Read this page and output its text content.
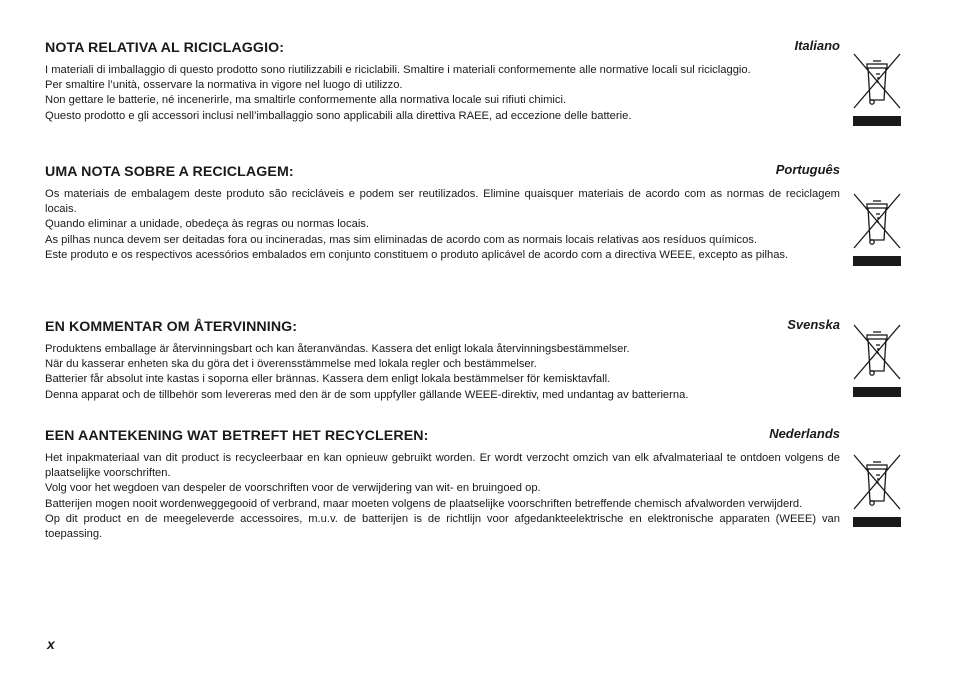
NOTA RELATIVA AL RICICLAGGIO:	Italiano

I materiali di imballaggio di questo prodotto sono riutilizzabili e riciclabili. Smaltire i materiali conformemente alle normative locali sul riciclaggio.

Per smaltire l’unità, osservare la normativa in vigore nel luogo di utilizzo.

Non gettare le batterie, né incenerirle, ma smaltirle conformemente alla normativa locale sui rifiuti chimici.

Questo prodotto e gli accessori inclusi nell’imballaggio sono applicabili alla direttiva RAEE, ad eccezione delle batterie.

UMA NOTA SOBRE A RECICLAGEM:	Português

Os materiais de embalagem deste produto são recicláveis e podem ser reutilizados. Elimine quaisquer materiais de acordo com as normas de reciclagem locais.

Quando eliminar a unidade, obedeça às regras ou normas locais.

As pilhas nunca devem ser deitadas fora ou incineradas, mas sim eliminadas de acordo com as normais locais relativas aos resíduos químicos.

Este produto e os respectivos acessórios embalados em conjunto constituem o produto aplicável de acordo com a directiva WEEE, excepto as pilhas.

EN KOMMENTAR OM ÅTERVINNING:	Svenska

Produktens emballage är återvinningsbart och kan återanvändas. Kassera det enligt lokala återvinningsbestämmelser.

När du kasserar enheten ska du göra det i överensstämmelse med lokala regler och bestämmelser.

Batterier får absolut inte kastas i soporna eller brännas. Kassera dem enligt lokala bestämmelser för kemisktavfall.

Denna apparat och de tillbehör som levereras med den är de som uppfyller gällande WEEE-direktiv, med undantag av batterierna.

EEN AANTEKENING WAT BETREFT HET RECYCLEREN:	Nederlands

Het inpakmateriaal van dit product is recycleerbaar en kan opnieuw gebruikt worden. Er wordt verzocht omzich van elk afvalmateriaal te ontdoen volgens de plaatselijke voorschriften.

Volg voor het wegdoen van despeler de voorschriften voor de verwijdering van wit- en bruingoed op.

Batterijen mogen nooit wordenweggegooid of verbrand, maar moeten volgens de plaatselijke voorschriften betreffende chemisch afvalworden verwijderd.

Op dit product en de meegeleverde accessoires, m.u.v. de batterijen is de richtlijn voor afgedankteelektrische en elektronische apparaten (WEEE) van toepassing.

x
